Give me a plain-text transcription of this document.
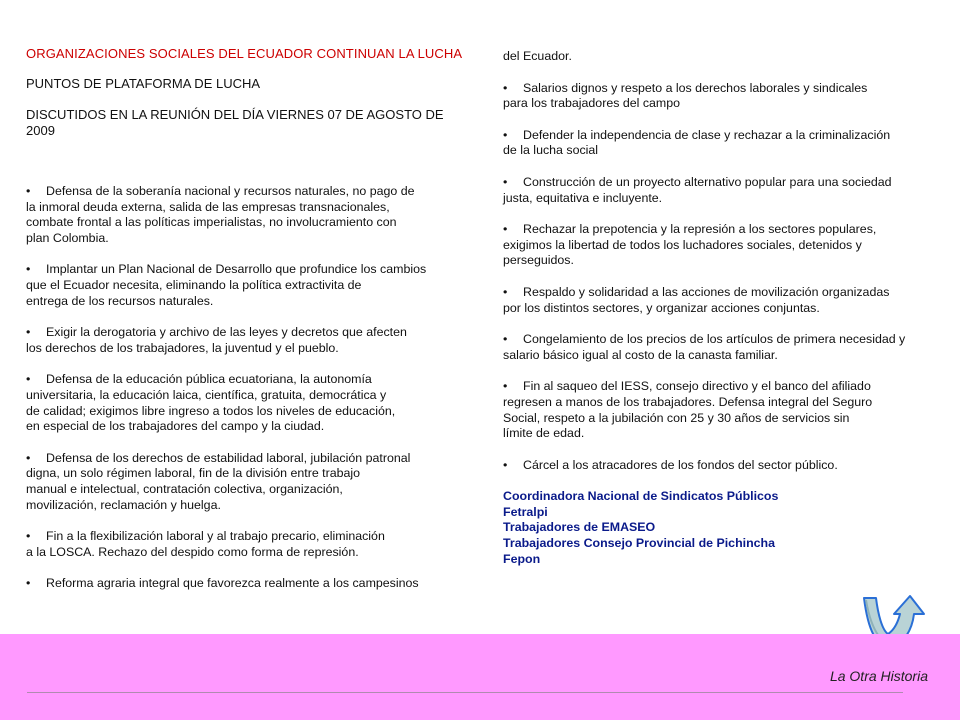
ORGANIZACIONES SOCIALES DEL ECUADOR CONTINUAN LA LUCHA
PUNTOS DE PLATAFORMA DE LUCHA
DISCUTIDOS EN LA REUNIÓN DEL DÍA VIERNES 07 DE AGOSTO DE 2009
• Defensa de la soberanía nacional y recursos naturales, no pago de
la inmoral deuda externa, salida de las empresas transnacionales,
combate frontal a las políticas imperialistas, no involucramiento con
plan Colombia.
• Implantar un Plan Nacional de Desarrollo que profundice los cambios
que el Ecuador necesita, eliminando la política extractivita de
entrega de los recursos naturales.
• Exigir la derogatoria y archivo de las leyes y decretos que afecten
los derechos de los trabajadores, la juventud y el pueblo.
• Defensa de la educación pública ecuatoriana, la autonomía
universitaria, la educación laica, científica, gratuita, democrática y
de calidad; exigimos libre ingreso a todos los niveles de educación,
en especial de los trabajadores del campo y la ciudad.
• Defensa de los derechos de estabilidad laboral, jubilación patronal
digna, un solo régimen laboral, fin de la división entre trabajo
manual e intelectual, contratación colectiva, organización,
movilización, reclamación y huelga.
• Fin a la flexibilización laboral y al trabajo precario, eliminación
a la LOSCA. Rechazo del despido como forma de represión.
• Reforma agraria integral que favorezca realmente a los campesinos
del Ecuador.
• Salarios dignos y respeto a los derechos laborales y sindicales
para los trabajadores del campo
• Defender la independencia de clase y rechazar a la criminalización
de la lucha social
• Construcción de un proyecto alternativo popular para una sociedad
justa, equitativa e incluyente.
• Rechazar la prepotencia y la represión a los sectores populares,
exigimos la libertad de todos los luchadores sociales, detenidos y
perseguidos.
• Respaldo y solidaridad a las acciones de movilización organizadas
por los distintos sectores, y organizar acciones conjuntas.
• Congelamiento de los precios de los artículos de primera necesidad y
salario básico igual al costo de la canasta familiar.
• Fin al saqueo del IESS, consejo directivo y el banco del afiliado
regresen a manos de los trabajadores. Defensa integral del Seguro
Social, respeto a la jubilación con 25 y 30 años de servicios sin
límite de edad.
• Cárcel a los atracadores de los fondos del sector público.
Coordinadora Nacional de Sindicatos Públicos
Fetralpi
Trabajadores de EMASEO
Trabajadores Consejo Provincial de Pichincha
Fepon
La Otra Historia
